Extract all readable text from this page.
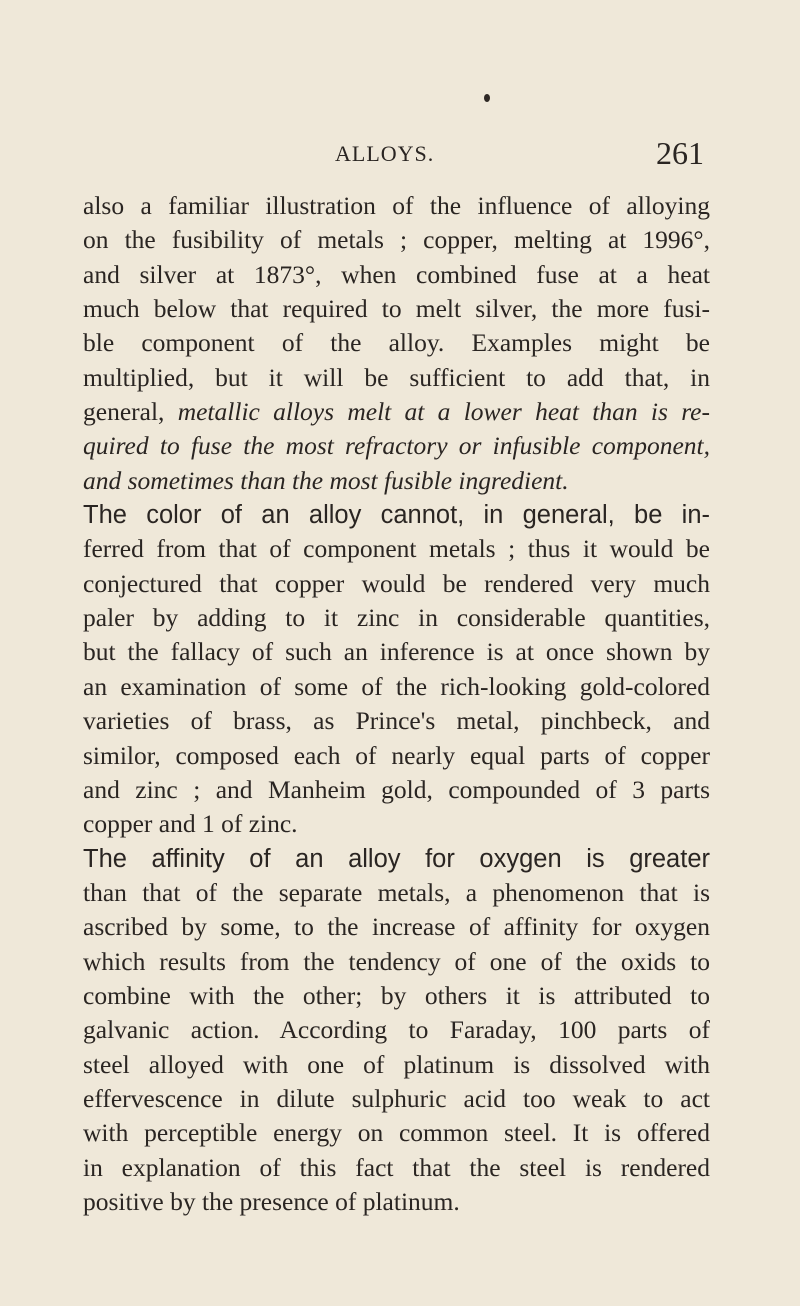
ALLOYS.	261
also a familiar illustration of the influence of alloying
on the fusibility of metals ; copper, melting at 1996°,
and silver at 1873°, when combined fuse at a heat
much below that required to melt silver, the more fusi-
ble component of the alloy. Examples might be
multiplied, but it will be sufficient to add that, in
general, metallic alloys melt at a lower heat than is re-
quired to fuse the most refractory or infusible component,
and sometimes than the most fusible ingredient.
The color of an alloy cannot, in general, be in-
ferred from that of component metals ; thus it would be
conjectured that copper would be rendered very much
paler by adding to it zinc in considerable quantities,
but the fallacy of such an inference is at once shown by
an examination of some of the rich-looking gold-colored
varieties of brass, as Prince's metal, pinchbeck, and
similor, composed each of nearly equal parts of copper
and zinc ; and Manheim gold, compounded of 3 parts
copper and 1 of zinc.
The affinity of an alloy for oxygen is greater
than that of the separate metals, a phenomenon that is
ascribed by some, to the increase of affinity for oxygen
which results from the tendency of one of the oxids to
combine with the other; by others it is attributed to
galvanic action. According to Faraday, 100 parts of
steel alloyed with one of platinum is dissolved with
effervescence in dilute sulphuric acid too weak to act
with perceptible energy on common steel. It is offered
in explanation of this fact that the steel is rendered
positive by the presence of platinum.
